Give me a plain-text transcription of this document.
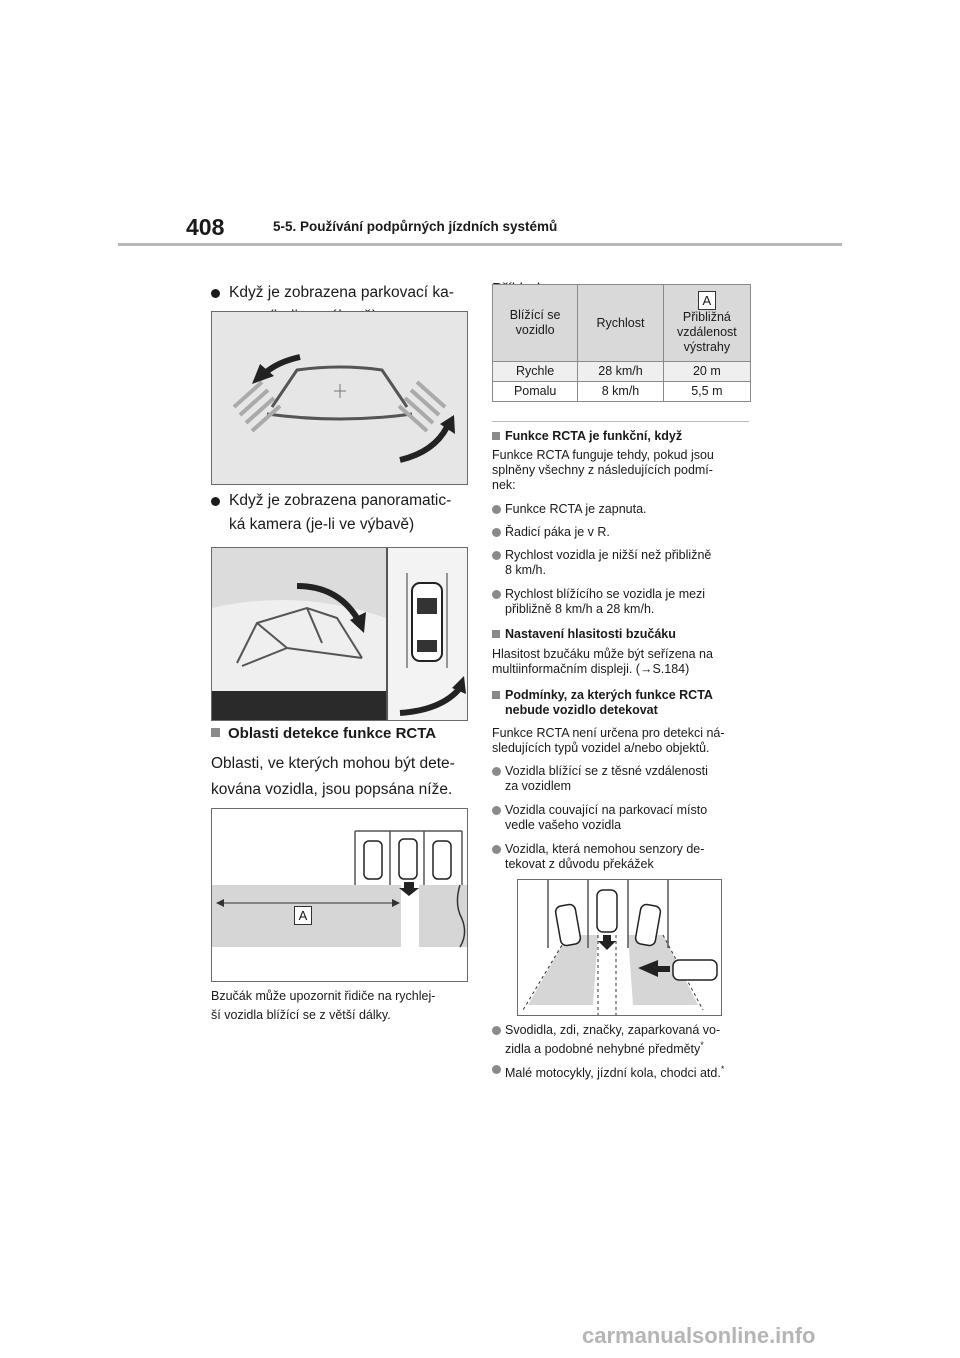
408	5-5. Používání podpůrných jízdních systémů
Když je zobrazena parkovací ka-
Když je zobrazena panoramatic-
ká kamera (je-li ve výbavě)
Oblasti detekce funkce RCTA
Oblasti, ve kterých mohou být dete-
kována vozidla, jsou popsána níže.
A
Bzučák může upozornit řidiče na rychlej-
ší vozidla blížící se z větší dálky.
Blížící se vozidlo	Rychlost	A
Přibližná vzdálenost výstrahy

Rychle	28 km/h	20 m
Pomalu	8 km/h	5,5 m
Funkce RCTA je funkční, když
Funkce RCTA funguje tehdy, pokud jsou
splněny všechny z následujících podmí-
nek:
Funkce RCTA je zapnuta.
Řadicí páka je v R.
Rychlost vozidla je nižší než přibližně
8 km/h.
Rychlost blížícího se vozidla je mezi
přibližně 8 km/h a 28 km/h.
Nastavení hlasitosti bzučáku
Hlasitost bzučáku může být seřízena na
multiinformačním displeji. (→S.184)
Podmínky, za kterých funkce RCTA
nebude vozidlo detekovat
Funkce RCTA není určena pro detekci ná-
sledujících typů vozidel a/nebo objektů.
Vozidla blížící se z těsné vzdálenosti
za vozidlem
Vozidla couvající na parkovací místo
vedle vašeho vozidla
Vozidla, která nemohou senzory de-
tekovat z důvodu překážek
Svodidla, zdi, značky, zaparkovaná vo-
zidla a podobné nehybné předměty*
Malé motocykly, jízdní kola, chodci atd.*
carmanualsonline.info
